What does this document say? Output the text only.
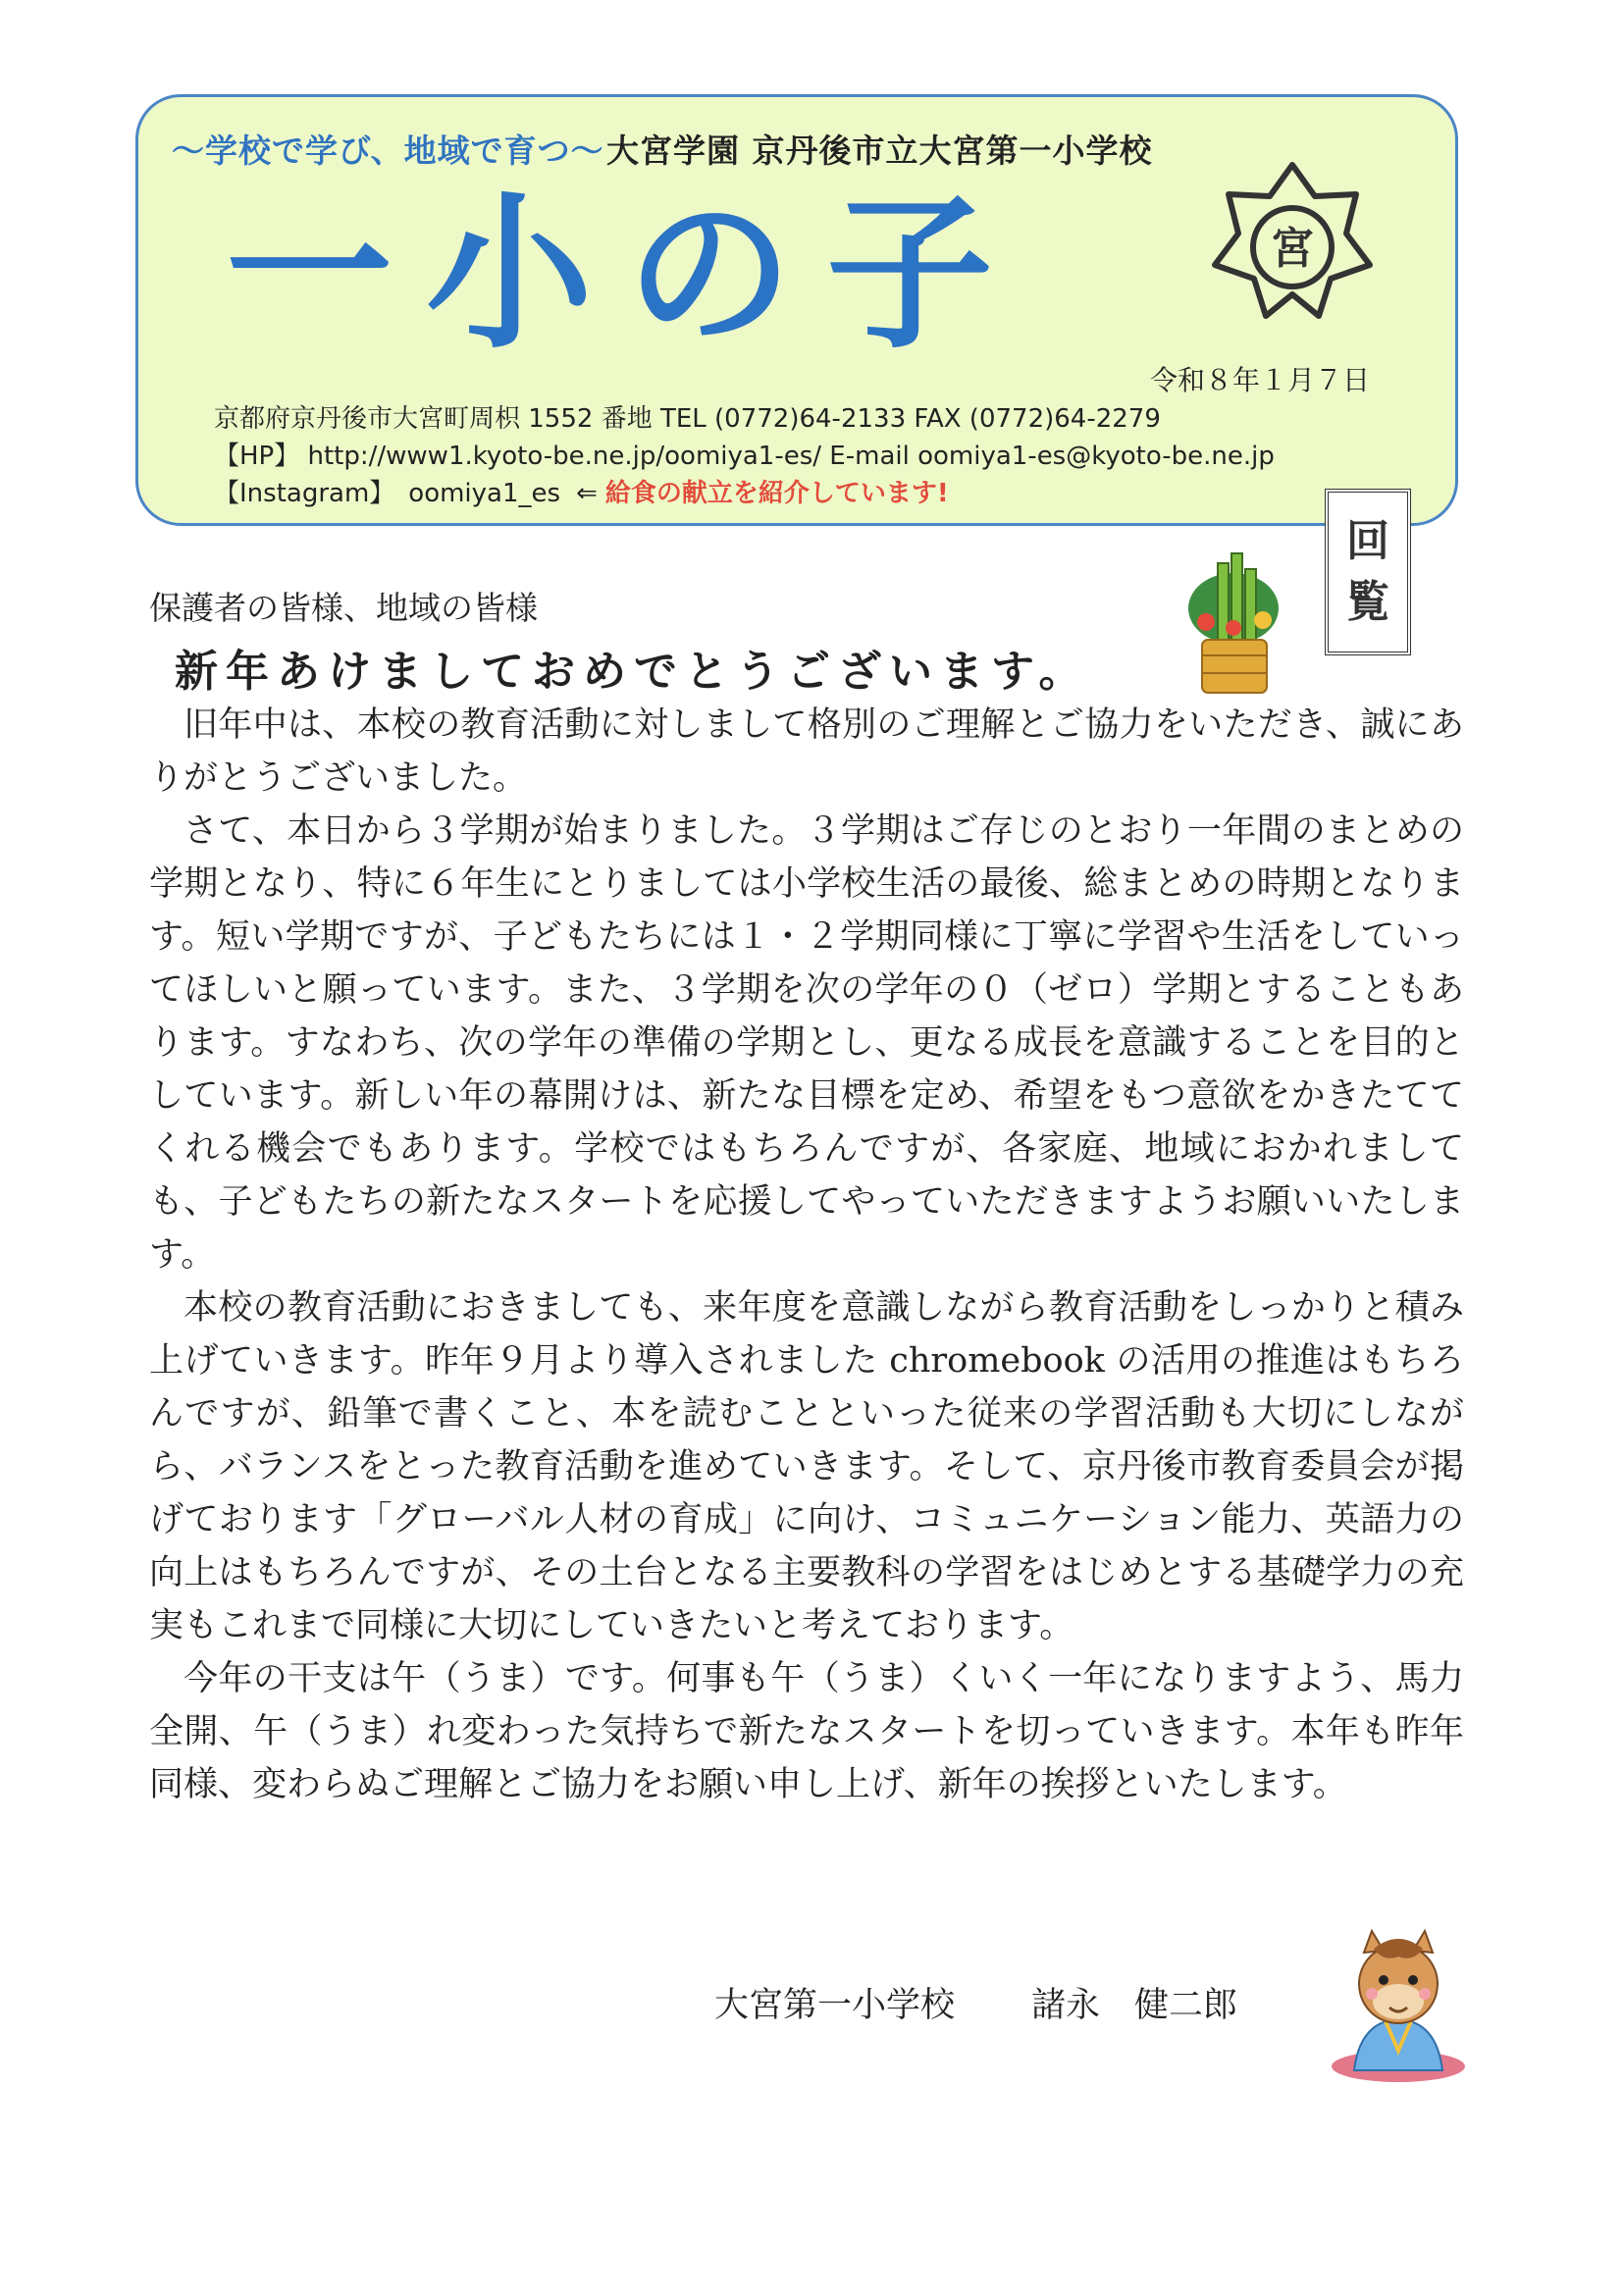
～学校で学び、地域で育つ～ 大宮学園 京丹後市立大宮第一小学校
一小の子	宮
令和８年１月７日
京都府京丹後市大宮町周枳 1552 番地 TEL (0772)64-2133 FAX (0772)64-2279
【HP】 http://www1.kyoto-be.ne.jp/oomiya1-es/ E-mail oomiya1-es@kyoto-be.ne.jp
【Instagram】 oomiya1_es ⇐ 給食の献立を紹介しています!
回
覧
保護者の皆様、地域の皆様
新年あけましておめでとうございます。

旧年中は、本校の教育活動に対しまして格別のご理解とご協力をいただき、誠にありがとうございました。

さて、本日から３学期が始まりました。３学期はご存じのとおり一年間のまとめの学期となり、特に６年生にとりましては小学校生活の最後、総まとめの時期となります。短い学期ですが、子どもたちには１・２学期同様に丁寧に学習や生活をしていってほしいと願っています。また、３学期を次の学年の０（ゼロ）学期とすることもあります。すなわち、次の学年の準備の学期とし、更なる成長を意識することを目的としています。新しい年の幕開けは、新たな目標を定め、希望をもつ意欲をかきたててくれる機会でもあります。学校ではもちろんですが、各家庭、地域におかれましても、子どもたちの新たなスタートを応援してやっていただきますようお願いいたします。

本校の教育活動におきましても、来年度を意識しながら教育活動をしっかりと積み上げていきます。昨年９月より導入されました chromebook の活用の推進はもちろんですが、鉛筆で書くこと、本を読むことといった従来の学習活動も大切にしながら、バランスをとった教育活動を進めていきます。そして、京丹後市教育委員会が掲げております「グローバル人材の育成」に向け、コミュニケーション能力、英語力の向上はもちろんですが、その土台となる主要教科の学習をはじめとする基礎学力の充実もこれまで同様に大切にしていきたいと考えております。

今年の干支は午（うま）です。何事も午（うま）くいく一年になりますよう、馬力全開、午（うま）れ変わった気持ちで新たなスタートを切っていきます。本年も昨年同様、変わらぬご理解とご協力をお願い申し上げ、新年の挨拶といたします。

大宮第一小学校 諸永　健二郎
